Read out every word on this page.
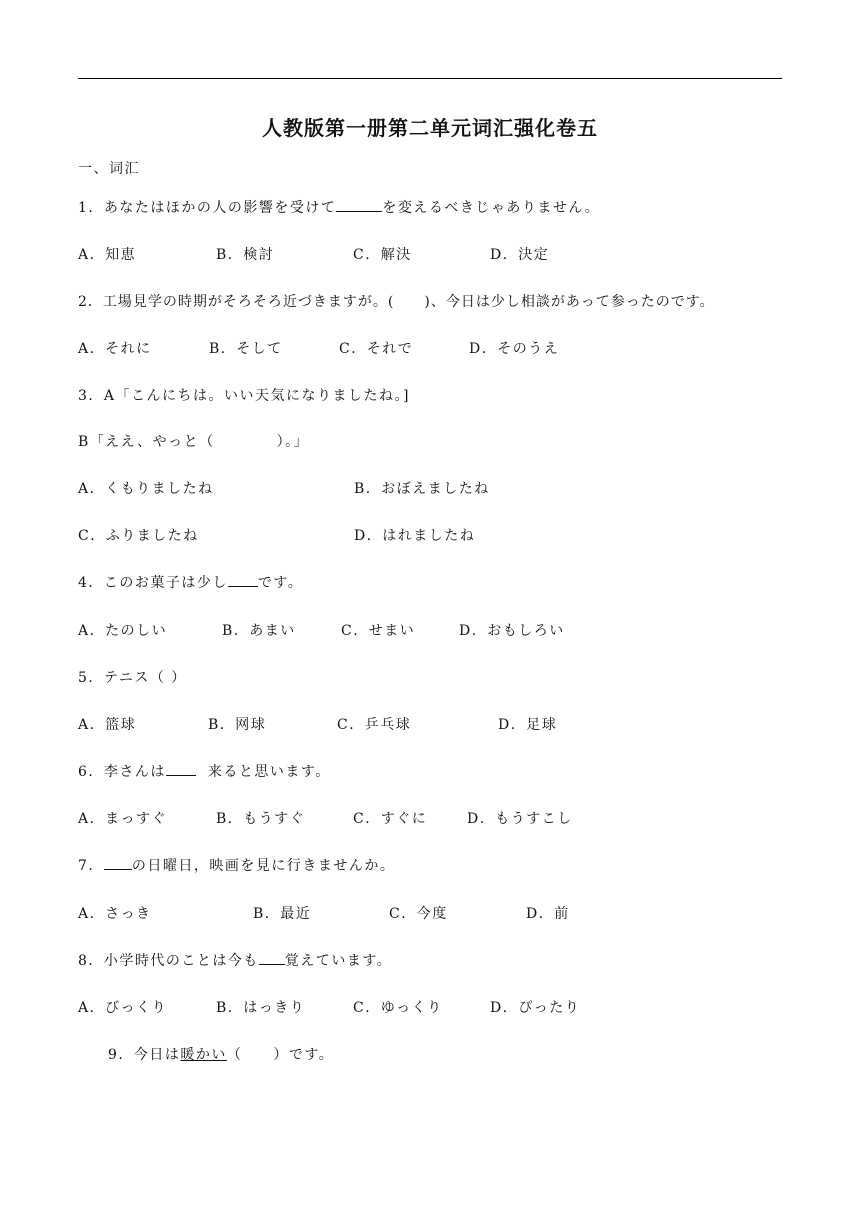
人教版第一册第二单元词汇强化卷五
一、词汇
1．あなたはほかの人の影響を受けて	を変えるべきじゃありません。
A．知恵	B．検討	C．解決	D．決定
2．工場見学の時期がそろそろ近づきますが。(　　)、今日は少し相談があって参ったのです。
A．それに	B．そして	C．それで	D．そのうえ
3．A「こんにちは。いい天気になりましたね。]
B「ええ、やっと（　　　　）。」
A．くもりましたね	B．おぼえましたね
C．ふりましたね	D．はれましたね
4．このお菓子は少し です。
A．たのしい	B．あまい	C．せまい	D．おもしろい
5．テニス（ ）
A．篮球	B．网球	C．乒乓球	D．足球
6．李さんは	来ると思います。
A．まっすぐ	B．もうすぐ	C．すぐに	D．もうすこし
7． の日曜日，映画を見に行きませんか。
A．さっき	B．最近	C．今度	D．前
8．小学時代のことは今も 覚えています。
A．びっくり	B．はっきり	C．ゆっくり	D．ぴったり
9．今日は暖かい（　　）です。
